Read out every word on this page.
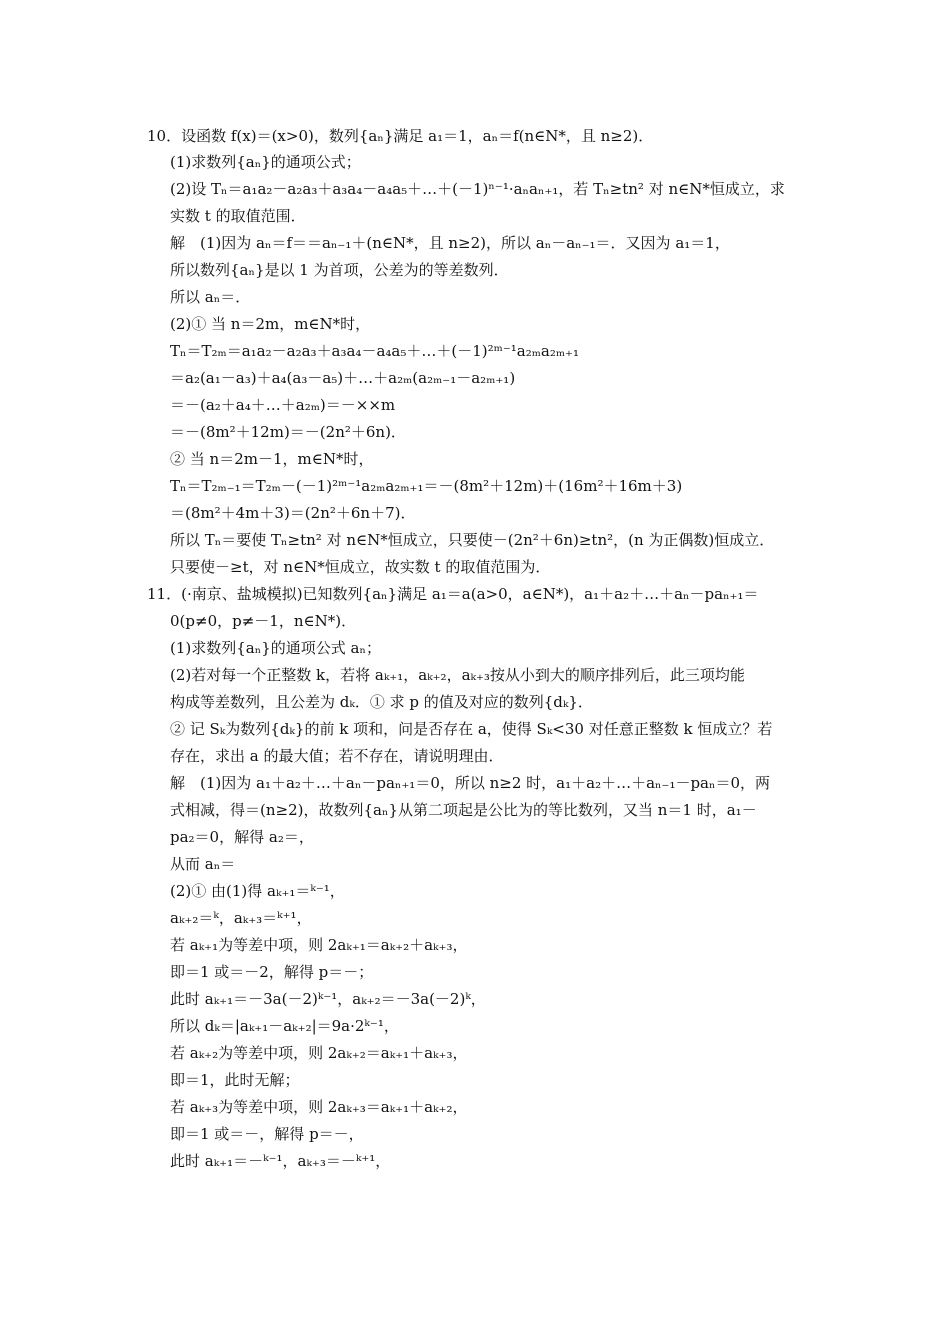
10．设函数 f(x)＝(x>0)，数列{aₙ}满足 a₁＝1，aₙ＝f(n∈N*，且 n≥2)．
(1)求数列{aₙ}的通项公式；
(2)设 Tₙ＝a₁a₂－a₂a₃＋a₃a₄－a₄a₅＋…＋(－1)ⁿ⁻¹·aₙaₙ₊₁，若 Tₙ≥tn² 对 n∈N*恒成立，求
实数 t 的取值范围．
解　(1)因为 aₙ＝f＝＝aₙ₋₁＋(n∈N*，且 n≥2)，所以 aₙ－aₙ₋₁＝．又因为 a₁＝1，
所以数列{aₙ}是以 1 为首项，公差为的等差数列．
所以 aₙ＝．
(2)① 当 n＝2m，m∈N*时，
Tₙ＝T₂ₘ＝a₁a₂－a₂a₃＋a₃a₄－a₄a₅＋…＋(－1)²ᵐ⁻¹a₂ₘa₂ₘ₊₁
＝a₂(a₁－a₃)＋a₄(a₃－a₅)＋…＋a₂ₘ(a₂ₘ₋₁－a₂ₘ₊₁)
＝－(a₂＋a₄＋…＋a₂ₘ)＝－××m
＝－(8m²＋12m)＝－(2n²＋6n)．
② 当 n＝2m－1，m∈N*时，
Tₙ＝T₂ₘ₋₁＝T₂ₘ－(－1)²ᵐ⁻¹a₂ₘa₂ₘ₊₁＝－(8m²＋12m)＋(16m²＋16m＋3)
＝(8m²＋4m＋3)＝(2n²＋6n＋7)．
所以 Tₙ＝要使 Tₙ≥tn² 对 n∈N*恒成立，只要使－(2n²＋6n)≥tn²，(n 为正偶数)恒成立．
只要使－≥t，对 n∈N*恒成立，故实数 t 的取值范围为．
11．(·南京、盐城模拟)已知数列{aₙ}满足 a₁＝a(a>0，a∈N*)，a₁＋a₂＋…＋aₙ－paₙ₊₁＝
0(p≠0，p≠－1，n∈N*)．
(1)求数列{aₙ}的通项公式 aₙ；
(2)若对每一个正整数 k，若将 aₖ₊₁，aₖ₊₂，aₖ₊₃按从小到大的顺序排列后，此三项均能
构成等差数列，且公差为 dₖ．① 求 p 的值及对应的数列{dₖ}．
② 记 Sₖ为数列{dₖ}的前 k 项和，问是否存在 a，使得 Sₖ<30 对任意正整数 k 恒成立？若
存在，求出 a 的最大值；若不存在，请说明理由．
解　(1)因为 a₁＋a₂＋…＋aₙ－paₙ₊₁＝0，所以 n≥2 时，a₁＋a₂＋…＋aₙ₋₁－paₙ＝0，两
式相减，得＝(n≥2)，故数列{aₙ}从第二项起是公比为的等比数列，又当 n＝1 时，a₁－
pa₂＝0，解得 a₂＝，
从而 aₙ＝
(2)① 由(1)得 aₖ₊₁＝ᵏ⁻¹，
aₖ₊₂＝ᵏ，aₖ₊₃＝ᵏ⁺¹，
若 aₖ₊₁为等差中项，则 2aₖ₊₁＝aₖ₊₂＋aₖ₊₃，
即＝1 或＝－2，解得 p＝－；
此时 aₖ₊₁＝－3a(－2)ᵏ⁻¹，aₖ₊₂＝－3a(－2)ᵏ，
所以 dₖ＝|aₖ₊₁－aₖ₊₂|＝9a·2ᵏ⁻¹，
若 aₖ₊₂为等差中项，则 2aₖ₊₂＝aₖ₊₁＋aₖ₊₃，
即＝1，此时无解；
若 aₖ₊₃为等差中项，则 2aₖ₊₃＝aₖ₊₁＋aₖ₊₂，
即＝1 或＝－，解得 p＝－，
此时 aₖ₊₁＝－ᵏ⁻¹，aₖ₊₃＝－ᵏ⁺¹，
